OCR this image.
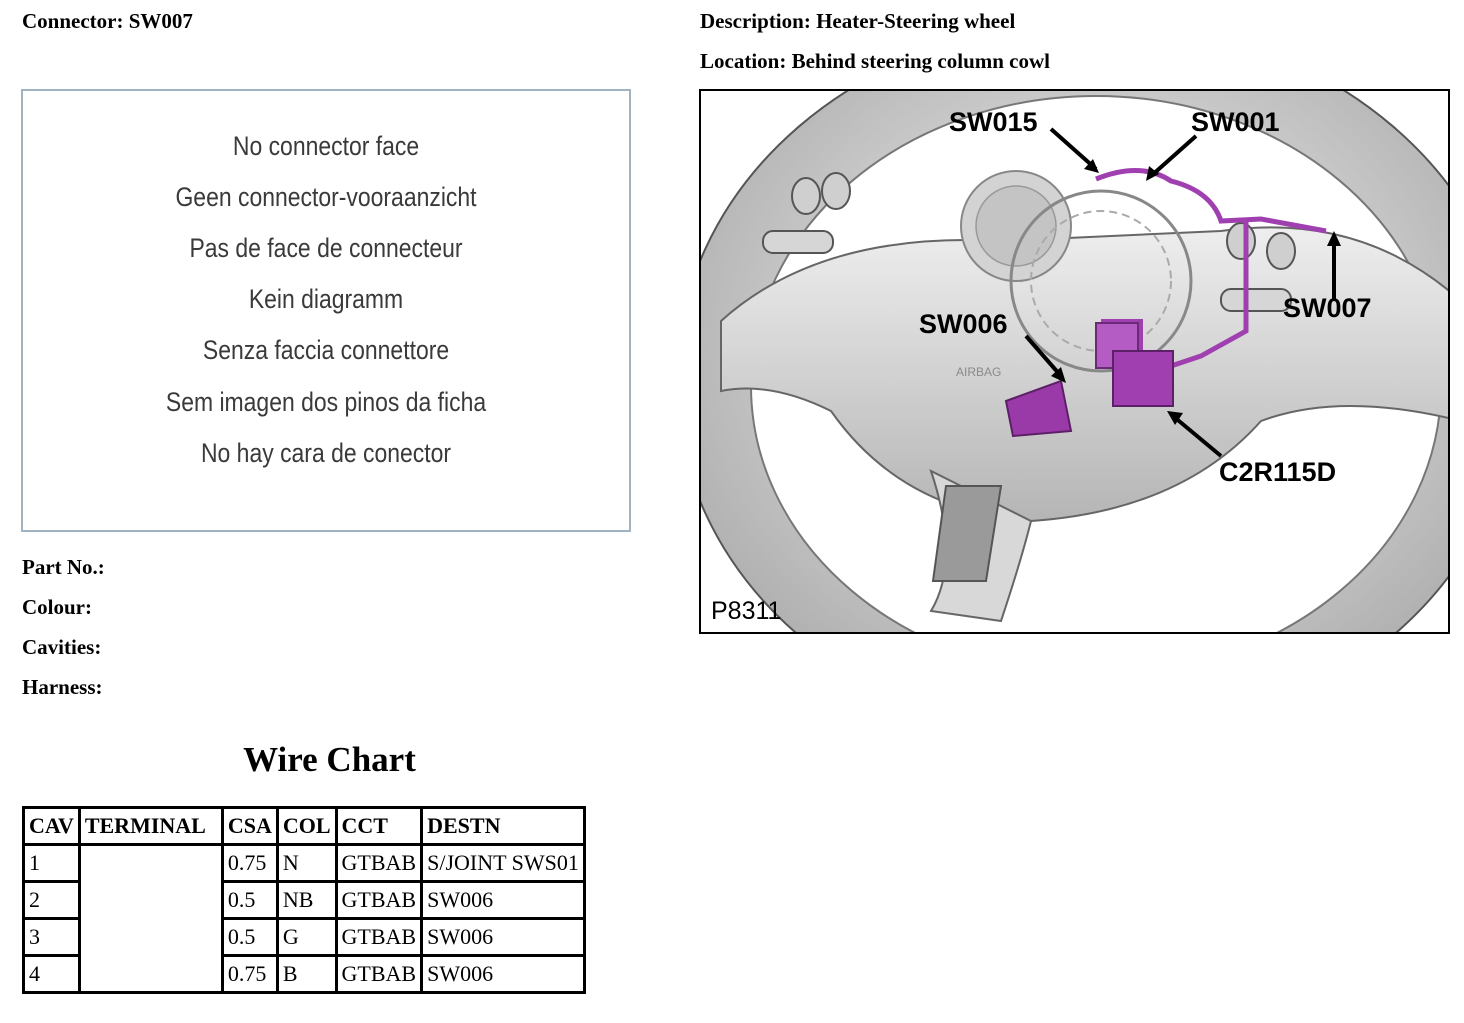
Connector: SW007	Description: Heater-Steering wheel
Location: Behind steering column cowl
No connector face
Geen connector-vooraanzicht
Pas de face de connecteur
Kein diagramm
Senza faccia connettore
Sem imagen dos pinos da ficha
No hay cara de conector
Part No.:
Colour:
Cavities:
Harness:
Wire Chart
CAV	TERMINAL	CSA	COL	CCT	DESTN
1		0.75	N	GTBAB	S/JOINT SWS01
2		0.5	NB	GTBAB	SW006
3		0.5	G	GTBAB	SW006
4		0.75	B	GTBAB	SW006
AIRBAG
SW015	SW001
SW007
SW006
C2R115D
P8311
